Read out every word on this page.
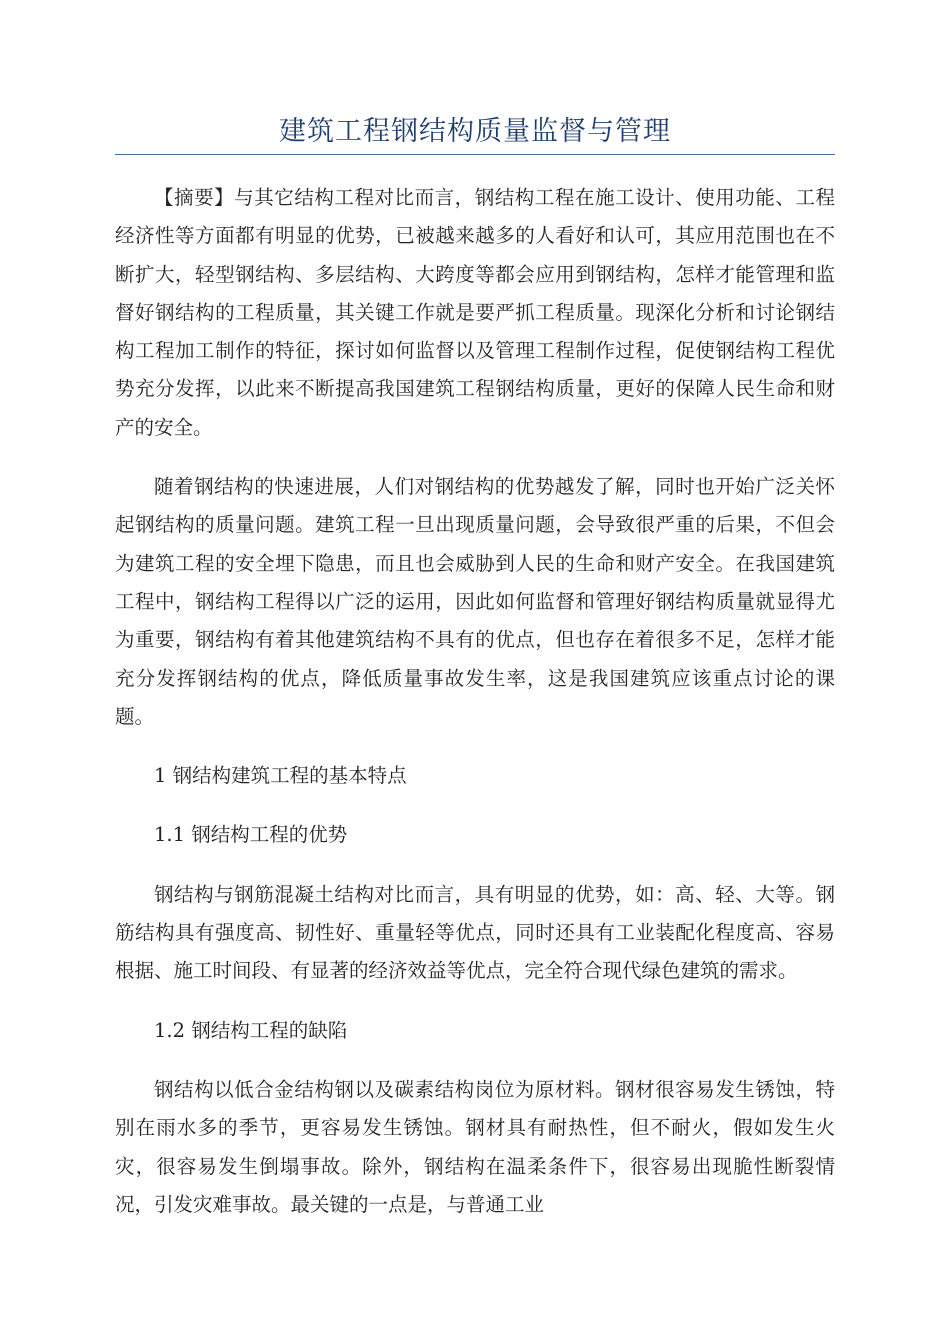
建筑工程钢结构质量监督与管理

【摘要】与其它结构工程对比而言，钢结构工程在施工设计、使用功能、工程经济性等方面都有明显的优势，已被越来越多的人看好和认可，其应用范围也在不断扩大，轻型钢结构、多层结构、大跨度等都会应用到钢结构，怎样才能管理和监督好钢结构的工程质量，其关键工作就是要严抓工程质量。现深化分析和讨论钢结构工程加工制作的特征，探讨如何监督以及管理工程制作过程，促使钢结构工程优势充分发挥，以此来不断提高我国建筑工程钢结构质量，更好的保障人民生命和财产的安全。

随着钢结构的快速进展，人们对钢结构的优势越发了解，同时也开始广泛关怀起钢结构的质量问题。建筑工程一旦出现质量问题，会导致很严重的后果，不但会为建筑工程的安全埋下隐患，而且也会威胁到人民的生命和财产安全。在我国建筑工程中，钢结构工程得以广泛的运用，因此如何监督和管理好钢结构质量就显得尤为重要，钢结构有着其他建筑结构不具有的优点，但也存在着很多不足，怎样才能充分发挥钢结构的优点，降低质量事故发生率，这是我国建筑应该重点讨论的课题。

1 钢结构建筑工程的基本特点

1.1 钢结构工程的优势

钢结构与钢筋混凝土结构对比而言，具有明显的优势，如：高、轻、大等。钢筋结构具有强度高、韧性好、重量轻等优点，同时还具有工业装配化程度高、容易根据、施工时间段、有显著的经济效益等优点，完全符合现代绿色建筑的需求。

1.2 钢结构工程的缺陷

钢结构以低合金结构钢以及碳素结构岗位为原材料。钢材很容易发生锈蚀，特别在雨水多的季节，更容易发生锈蚀。钢材具有耐热性，但不耐火，假如发生火灾，很容易发生倒塌事故。除外，钢结构在温柔条件下，很容易出现脆性断裂情况，引发灾难事故。最关键的一点是，与普通工业
